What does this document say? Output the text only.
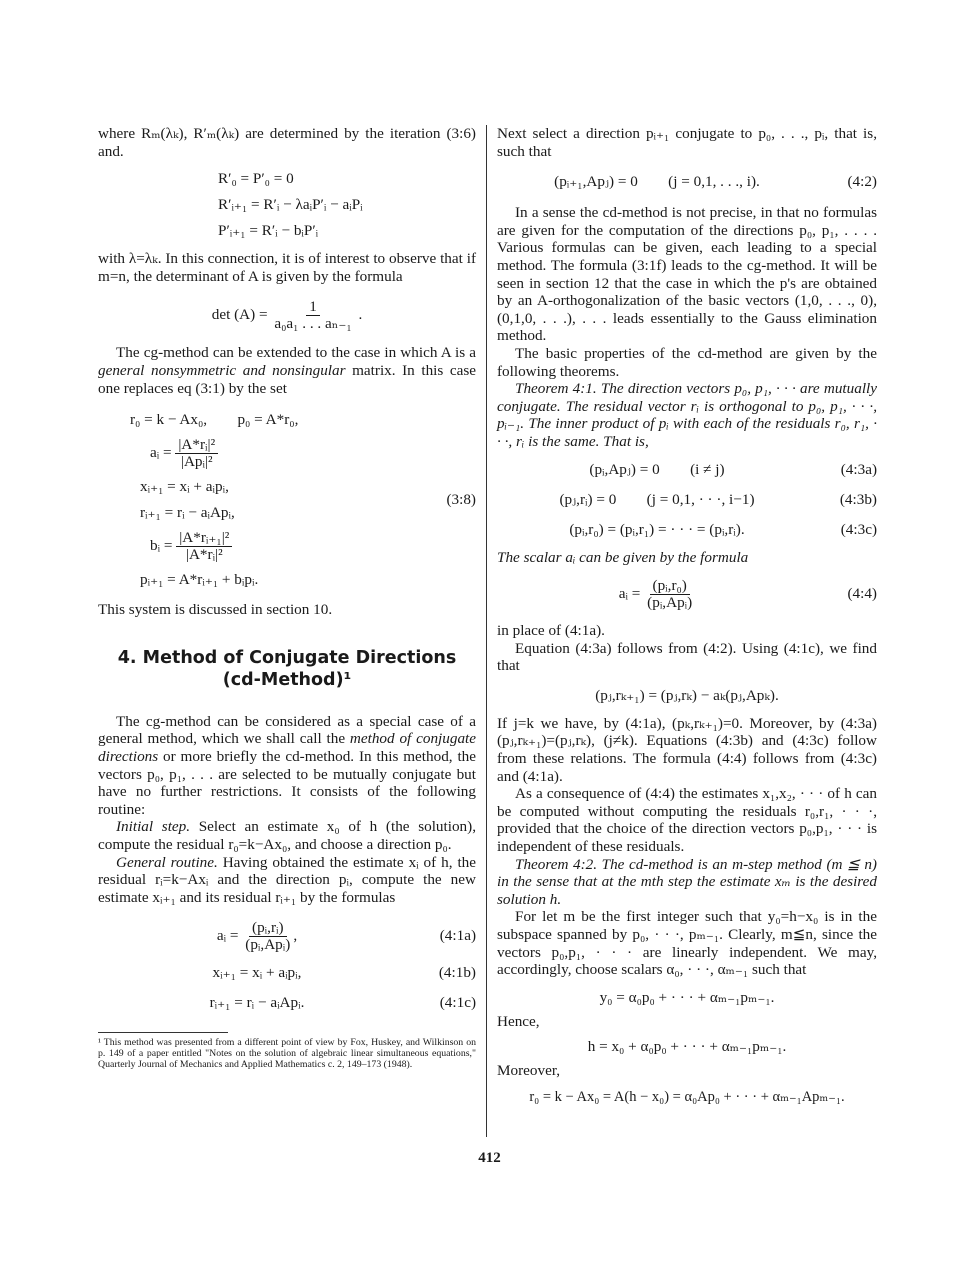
where Rₘ(λₖ), R′ₘ(λₖ) are determined by the iteration (3:6) and.

R′₀ = P′₀ = 0
R′ᵢ₊₁ = R′ᵢ − λaᵢP′ᵢ − aᵢPᵢ
P′ᵢ₊₁ = R′ᵢ − bᵢP′ᵢ

with λ=λₖ. In this connection, it is of interest to observe that if m=n, the determinant of A is given by the formula

$\det (A) = \frac{1}{\text{a₀a₁ . . . aₙ₋₁}}$ .

The cg-method can be extended to the case in which A is a general nonsymmetric and nonsingular matrix. In this case one replaces eq (3:1) by the set

r₀ = k − Ax₀,        p₀ = A*r₀,
aᵢ = $\frac{\text{|A*rᵢ|²}}{\text{|Apᵢ|²}}$
xᵢ₊₁ = xᵢ + aᵢpᵢ,
rᵢ₊₁ = rᵢ − aᵢApᵢ,
bᵢ = $\frac{\text{|A*rᵢ₊₁|²}}{\text{|A*rᵢ|²}}$
pᵢ₊₁ = A*rᵢ₊₁ + bᵢpᵢ.
(3:8)

This system is discussed in section 10.

4. Method of Conjugate Directions (cd-Method)¹

The cg-method can be considered as a special case of a general method, which we shall call the method of conjugate directions or more briefly the cd-method. In this method, the vectors p₀, p₁, . . . are selected to be mutually conjugate but have no further restrictions. It consists of the following routine:

Initial step. Select an estimate x₀ of h (the solution), compute the residual r₀=k−Ax₀, and choose a direction p₀.

General routine. Having obtained the estimate xᵢ of h, the residual rᵢ=k−Axᵢ and the direction pᵢ, compute the new estimate xᵢ₊₁ and its residual rᵢ₊₁ by the formulas

aᵢ = $\frac{\text{(pᵢ,rᵢ)}}{\text{(pᵢ,Apᵢ)}}$ ,	(4:1a)
xᵢ₊₁ = xᵢ + aᵢpᵢ,	(4:1b)
rᵢ₊₁ = rᵢ − aᵢApᵢ.	(4:1c)

¹ This method was presented from a different point of view by Fox, Huskey, and Wilkinson on p. 149 of a paper entitled "Notes on the solution of algebraic linear simultaneous equations," Quarterly Journal of Mechanics and Applied Mathematics c. 2, 149–173 (1948).

Next select a direction pᵢ₊₁ conjugate to p₀, . . ., pᵢ, that is, such that

(pᵢ₊₁,Apⱼ) = 0        (j = 0,1, . . ., i).	(4:2)

In a sense the cd-method is not precise, in that no formulas are given for the computation of the directions p₀, p₁, . . . . Various formulas can be given, each leading to a special method. The formula (3:1f) leads to the cg-method. It will be seen in section 12 that the case in which the p's are obtained by an A-orthogonalization of the basic vectors (1,0, . . ., 0), (0,1,0, . . .), . . . leads essentially to the Gauss elimination method.

The basic properties of the cd-method are given by the following theorems.

Theorem 4:1. The direction vectors p₀, p₁, · · · are mutually conjugate. The residual vector rᵢ is orthogonal to p₀, p₁, · · ·, pᵢ₋₁. The inner product of pᵢ with each of the residuals r₀, r₁, · · ·, rᵢ is the same. That is,

(pᵢ,Apⱼ) = 0        (i ≠ j)	(4:3a)
(pⱼ,rᵢ) = 0        (j = 0,1, · · ·, i−1)	(4:3b)
(pᵢ,r₀) = (pᵢ,r₁) = · · · = (pᵢ,rᵢ).	(4:3c)

The scalar aᵢ can be given by the formula

aᵢ = $\frac{\text{(pᵢ,r₀)}}{\text{(pᵢ,Apᵢ)}}$	(4:4)

in place of (4:1a).

Equation (4:3a) follows from (4:2). Using (4:1c), we find that

(pⱼ,rₖ₊₁) = (pⱼ,rₖ) − aₖ(pⱼ,Apₖ).

If j=k we have, by (4:1a), (pₖ,rₖ₊₁)=0. Moreover, by (4:3a) (pⱼ,rₖ₊₁)=(pⱼ,rₖ), (j≠k). Equations (4:3b) and (4:3c) follow from these relations. The formula (4:4) follows from (4:3c) and (4:1a).

As a consequence of (4:4) the estimates x₁,x₂, · · · of h can be computed without computing the residuals r₀,r₁, · · ·, provided that the choice of the direction vectors p₀,p₁, · · · is independent of these residuals.

Theorem 4:2. The cd-method is an m-step method (m ≦ n) in the sense that at the mth step the estimate xₘ is the desired solution h.

For let m be the first integer such that y₀=h−x₀ is in the subspace spanned by p₀, · · ·, pₘ₋₁. Clearly, m≦n, since the vectors p₀,p₁, · · · are linearly independent. We may, accordingly, choose scalars α₀, · · ·, αₘ₋₁ such that

y₀ = α₀p₀ + · · · + αₘ₋₁pₘ₋₁.

Hence,

h = x₀ + α₀p₀ + · · · + αₘ₋₁pₘ₋₁.

Moreover,

r₀ = k − Ax₀ = A(h − x₀) = α₀Ap₀ + · · · + αₘ₋₁Apₘ₋₁.
412
